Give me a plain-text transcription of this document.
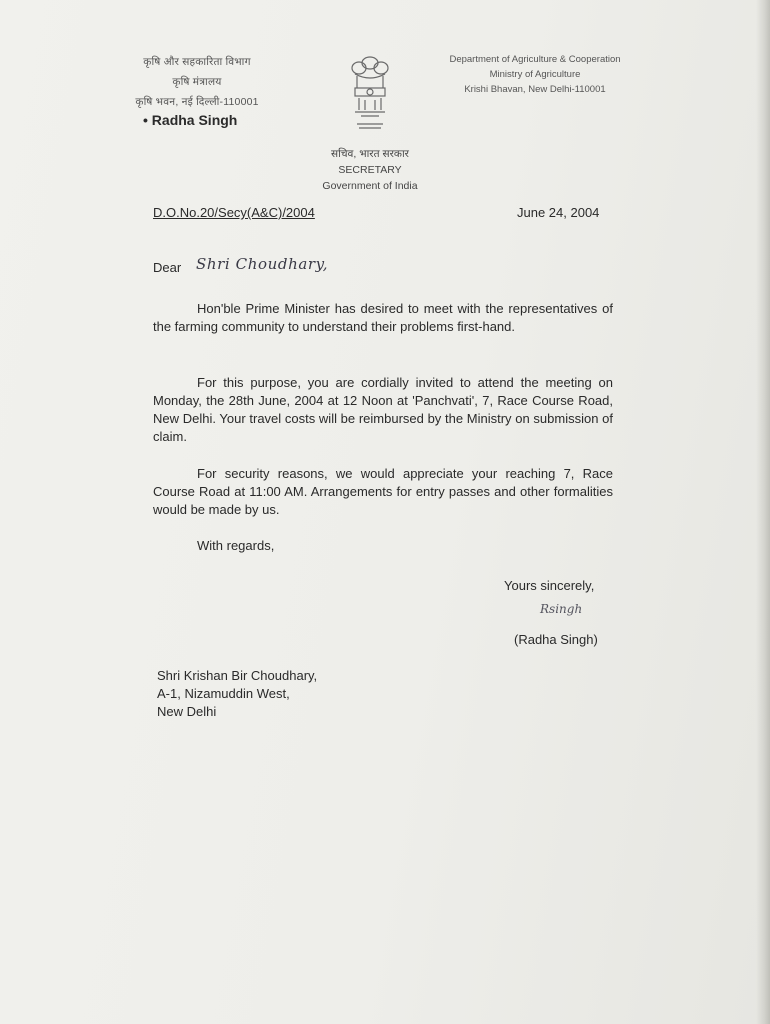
कृषि और सहकारिता विभाग
कृषि मंत्रालय
कृषि भवन, नई दिल्ली-110001
• Radha Singh
सचिव, भारत सरकार
SECRETARY
Government of India
Department of Agriculture & Cooperation
Ministry of Agriculture
Krishi Bhavan, New Delhi-110001
D.O.No.20/Secy(A&C)/2004	June 24, 2004
Dear Shri Choudhary,
Hon'ble Prime Minister has desired to meet with the representatives of the farming community to understand their problems first-hand.
For this purpose, you are cordially invited to attend the meeting on Monday, the 28th June, 2004 at 12 Noon at 'Panchvati', 7, Race Course Road, New Delhi. Your travel costs will be reimbursed by the Ministry on submission of claim.
For security reasons, we would appreciate your reaching 7, Race Course Road at 11:00 AM. Arrangements for entry passes and other formalities would be made by us.
With regards,
Yours sincerely,
Rsingh
(Radha Singh)
Shri Krishan Bir Choudhary,
A-1, Nizamuddin West,
New Delhi
